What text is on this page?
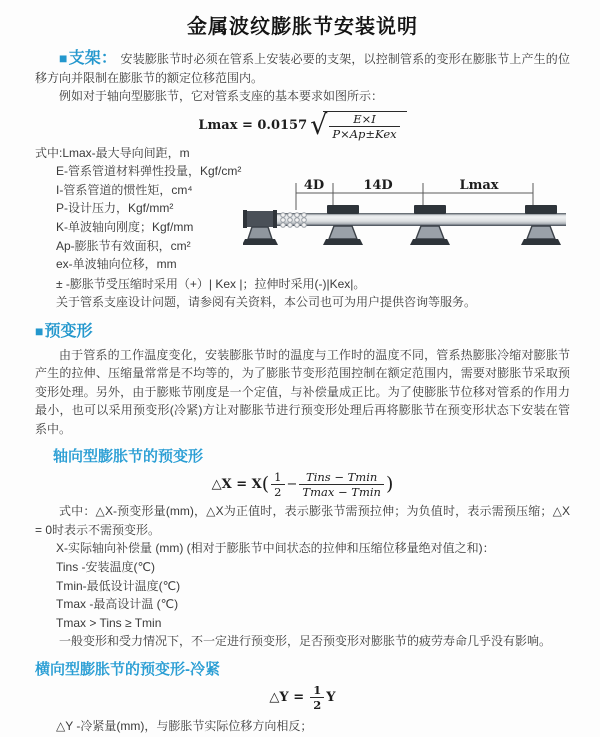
金属波纹膨胀节安装说明

■支架： 安装膨胀节时必须在管系上安装必要的支架，以控制管系的变形在膨胀节上产生的位移方向并限制在膨胀节的额定位移范围内。

例如对于轴向型膨胀节，它对管系支座的基本要求如图所示：

Lmax = 0.0157 √ $\frac{E\times I}{\text{P×Ap±Kex}}$
式中:Lmax-最大导向间距，m
E-管系管道材料弹性投量，Kgf/cm²
I-管系管道的惯性矩，cm⁴
P-设计压力，Kgf/mm²
K-单波轴向刚度；Kgf/mm
Ap-膨胀节有效面积，cm²
ex-单波轴向位移，mm
4D	14D	Lmax

± -膨胀节受压缩时采用（+）| Kex |；拉伸时采用(-)|Kex|。

关于管系支座设计问题，请参阅有关资料，本公司也可为用户提供咨询等服务。

■预变形

由于管系的工作温度变化，安装膨胀节时的温度与工作时的温度不同，管系热膨胀冷缩对膨胀节产生的拉伸、压缩量常常是不均等的，为了膨胀节变形范围控制在额定范围内，需要对膨胀节采取预变形处理。另外，由于膨账节刚度是一个定值，与补偿量成正比。为了使膨胀节位移对管系的作用力最小，也可以采用预变形(冷紧)方让对膨胀节进行预变形处理后再将膨胀节在预变形状态下安装在管系中。

轴向型膨胀节的预变形
△X = $X( \frac{1}{2} - \frac{\text{Tins − Tmin}}{Tmax - Tmin}$ )

式中：△X-预变形量(mm)，△X为正值时，表示膨张节需预拉伸；为负值时，表示需预压缩；△X = 0时表示不需预变形。

X-实际轴向补偿量 (mm) (相对于膨胀节中间状态的拉伸和压缩位移量绝对值之和)：
Tins -安装温度(℃)
Tmin-最低设计温度(℃)
Tmax -最高设计温 (℃)
Tmax > Tins ≥ Tmin

一般变形和受力情况下，不一定进行预变形，足否预变形对膨胀节的疲劳寿命几乎没有影响。

横向型膨胀节的预变形-冷紧
△Y = $\frac{1}{2}$ Y

△Y -冷紧量(mm)，与膨胀节实际位移方向相反；
